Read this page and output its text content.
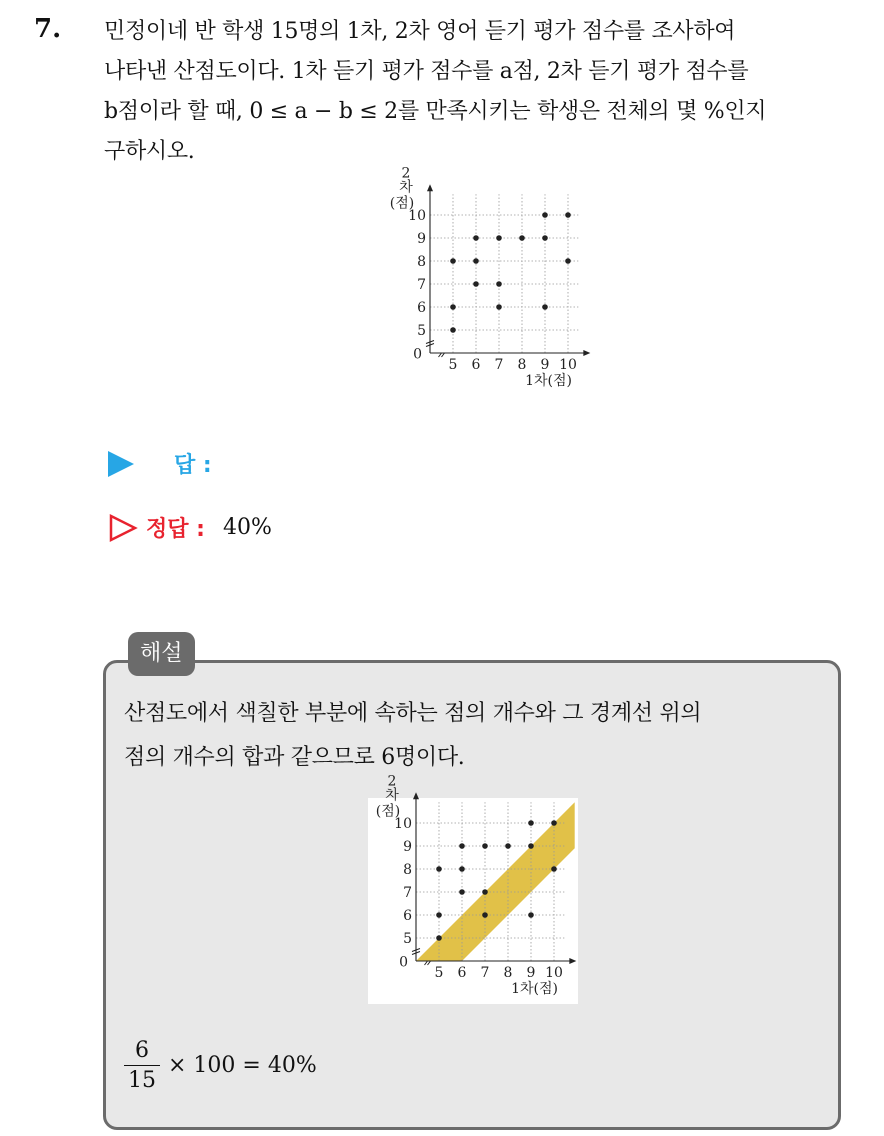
7. 민정이네 반 학생 15명의 1차, 2차 영어 듣기 평가 점수를 조사하여
나타낸 산점도이다. 1차 듣기 평가 점수를 a점, 2차 듣기 평가 점수를
b점이라 할 때, 0 ≤ a − b ≤ 2를 만족시키는 학생은 전체의 몇 %인지
구하시오.
5 6 7 8 9 10
5
6
7
8
9
10
0
2
차
(점)
1차(점)
답 :
정답 : 40%
해설
산점도에서 색칠한 부분에 속하는 점의 개수와 그 경계선 위의
점의 개수의 합과 같으므로 6명이다.
5 6 7 8 9 10
5
6
7
8
9
10
0
2
차
(점)
1차(점)
$\frac{6}{15} \times 100 = 40\%$
